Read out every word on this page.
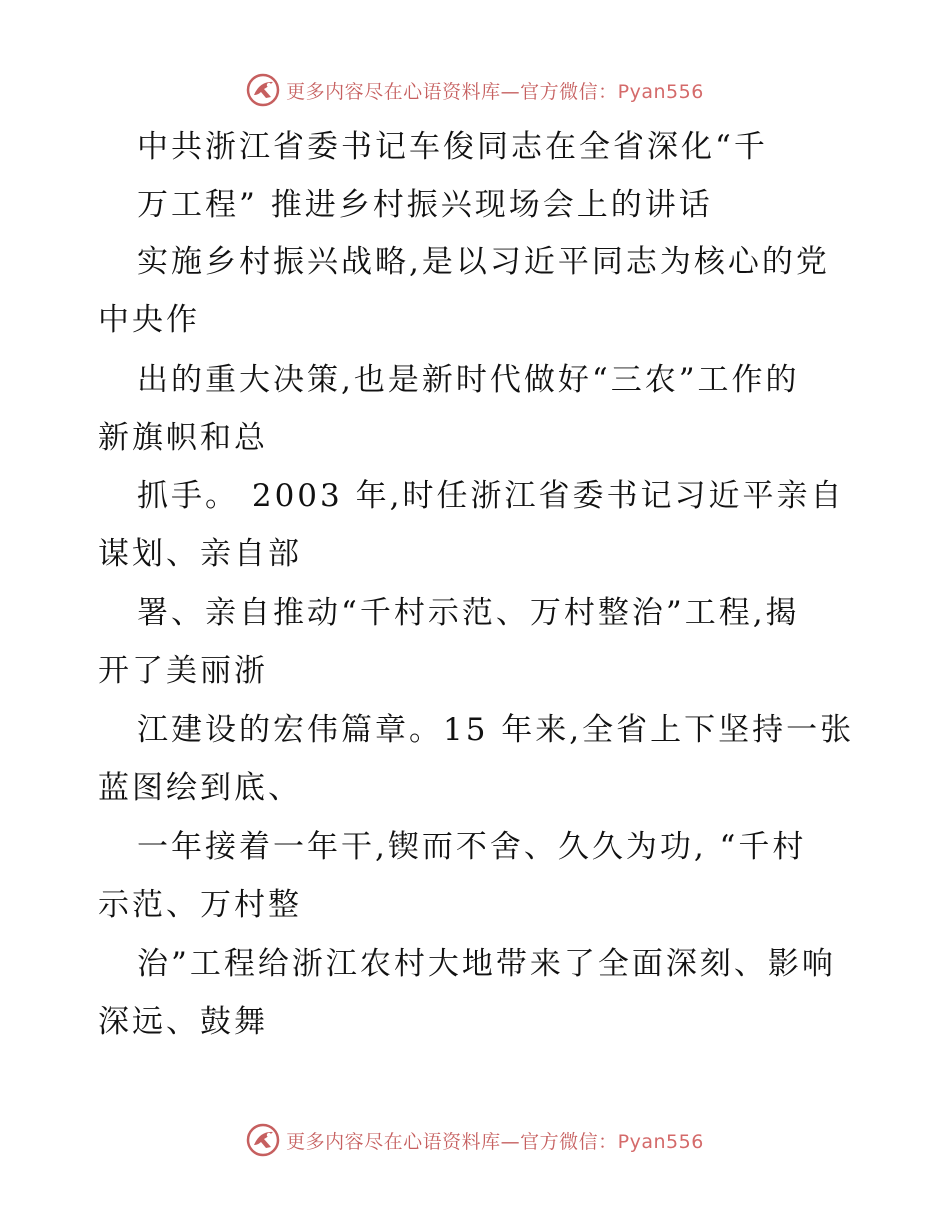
更多内容尽在心语资料库—官方微信：Pyan556
中共浙江省委书记车俊同志在全省深化“千
万工程” 推进乡村振兴现场会上的讲话
实施乡村振兴战略,是以习近平同志为核心的党
中央作
出的重大决策,也是新时代做好“三农”工作的
新旗帜和总
抓手。 2003 年,时任浙江省委书记习近平亲自
谋划、亲自部
署、亲自推动“千村示范、万村整治”工程,揭
开了美丽浙
江建设的宏伟篇章。15 年来,全省上下坚持一张
蓝图绘到底、
一年接着一年干,锲而不舍、久久为功, “千村
示范、万村整
治”工程给浙江农村大地带来了全面深刻、影响
深远、鼓舞
更多内容尽在心语资料库—官方微信：Pyan556
